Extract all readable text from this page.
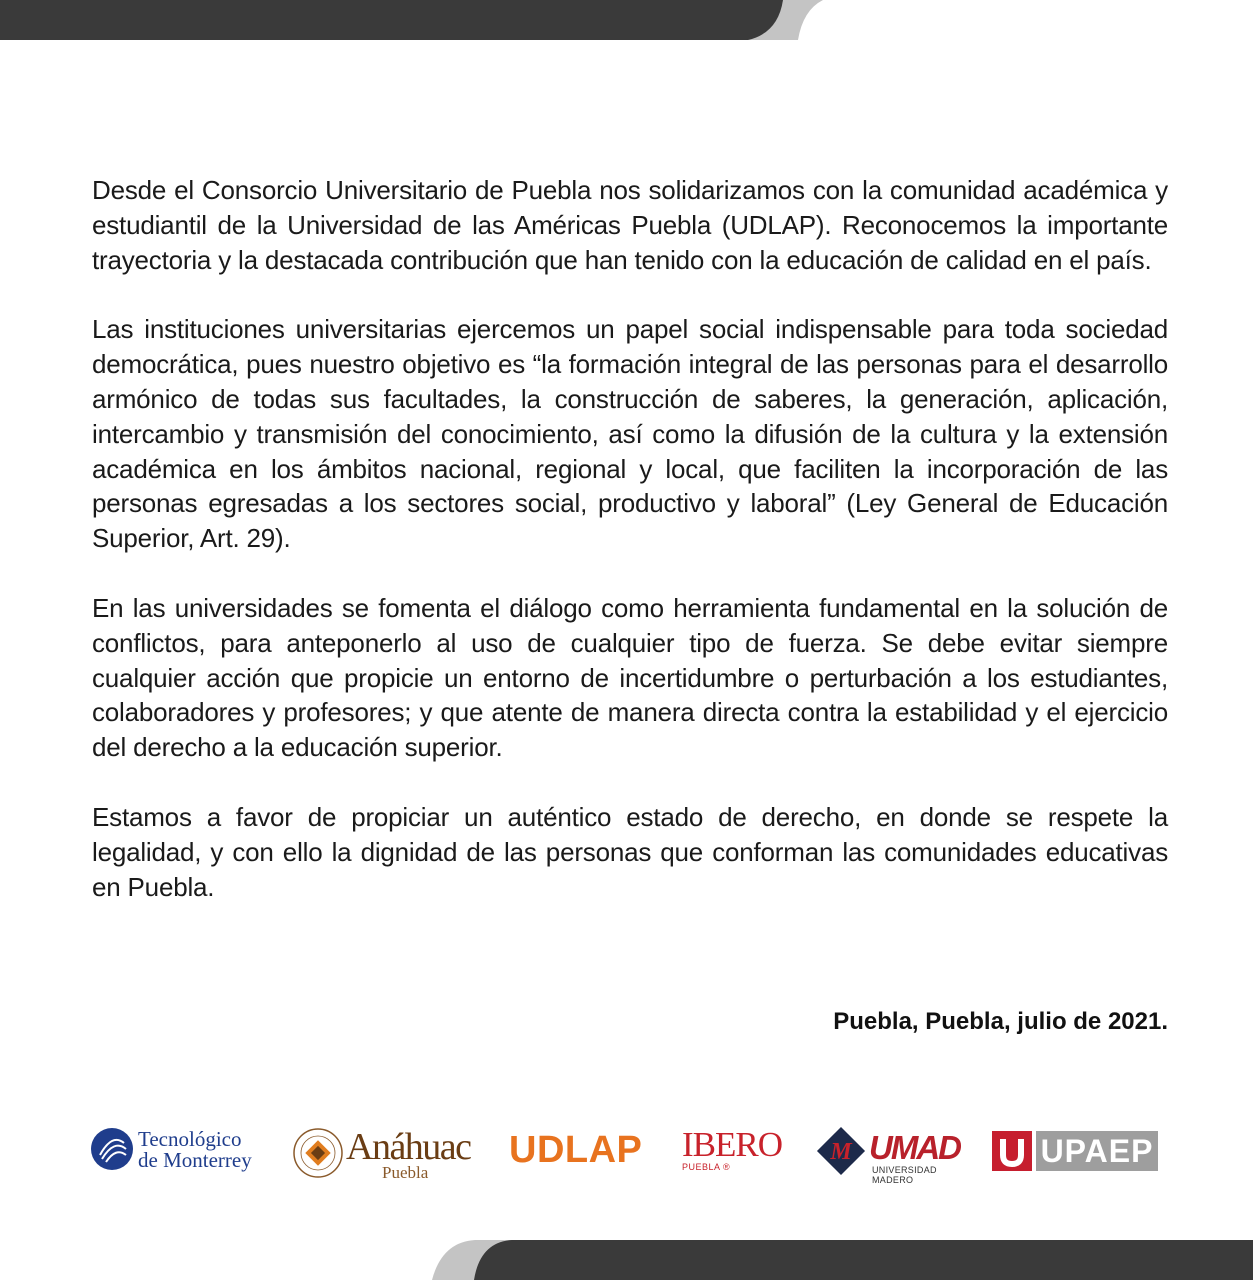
Desde el Consorcio Universitario de Puebla nos solidarizamos con la comunidad académica y estudiantil de la Universidad de las Américas Puebla (UDLAP). Reconocemos la importante trayectoria y la destacada contribución que han tenido con la educación de calidad en el país.

Las instituciones universitarias ejercemos un papel social indispensable para toda sociedad democrática, pues nuestro objetivo es “la formación integral de las personas para el desarrollo armónico de todas sus facultades, la construcción de saberes, la generación, aplicación, intercambio y transmisión del conocimiento, así como la difusión de la cultura y la extensión académica en los ámbitos nacional, regional y local, que faciliten la incorporación de las personas egresadas a los sectores social, productivo y laboral” (Ley General de Educación Superior, Art. 29).

En las universidades se fomenta el diálogo como herramienta fundamental en la solución de conflictos, para anteponerlo al uso de cualquier tipo de fuerza. Se debe evitar siempre cualquier acción que propicie un entorno de incertidumbre o perturbación a los estudiantes, colaboradores y profesores; y que atente de manera directa contra la estabilidad y el ejercicio del derecho a la educación superior.

Estamos a favor de propiciar un auténtico estado de derecho, en donde se respete la legalidad, y con ello la dignidad de las personas que conforman las comunidades educativas en Puebla.

Puebla, Puebla, julio de 2021.
Tecnológico
de Monterrey Anáhuac
Puebla
UDLAP IBERO
PUEBLA ®
M UMAD
UNIVERSIDAD MADERO
UPAEP
